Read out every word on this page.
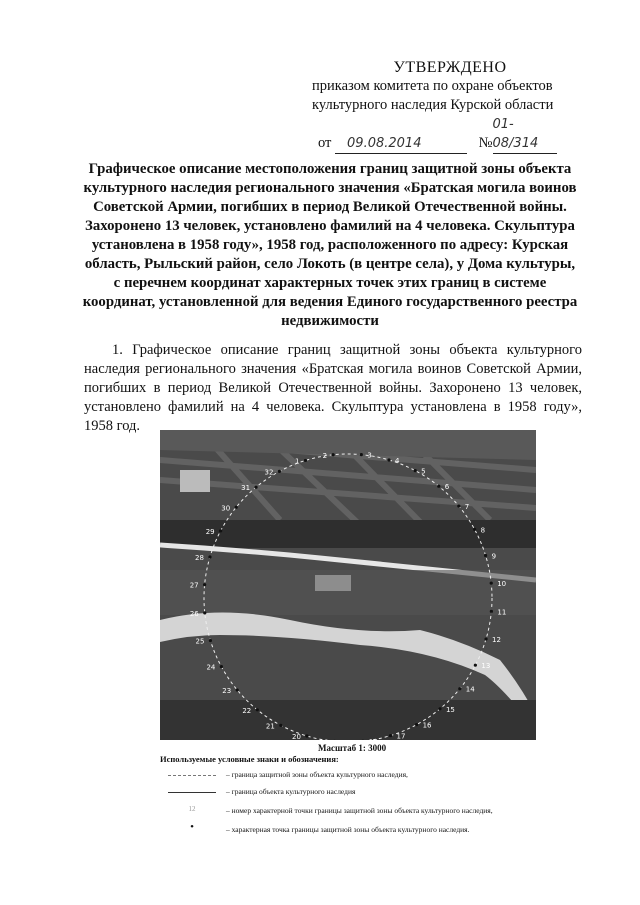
УТВЕРЖДЕНО
приказом комитета по охране объектов
культурного наследия Курской области
от 09.08.2014	№01-08/314
Графическое описание местоположения границ защитной зоны объекта культурного наследия регионального значения «Братская могила воинов Советской Армии, погибших в период Великой Отечественной войны. Захоронено 13 человек, установлено фамилий на 4 человека. Скульптура установлена в 1958 году», 1958 год, расположенного по адресу: Курская область, Рыльский район, село Локоть (в центре села), у Дома культуры, с перечнем координат характерных точек этих границ в системе координат, установленной для ведения Единого государственного реестра недвижимости
1. Графическое описание границ защитной зоны объекта культурного наследия регионального значения «Братская могила воинов Советской Армии, погибших в период Великой Отечественной войны. Захоронено 13 человек, установлено фамилий на 4 человека. Скульптура установлена в 1958 году», 1958 год.
1
2	3
4
5
6
7
8
9
10
11
12
13
14
15
16
17
20
21
22
23
24
25
26
27
28
29
30
31
32
Масштаб 1: 3000
Используемые условные знаки и обозначения:
– граница защитной зоны объекта культурного наследия,
– граница объекта культурного наследия
12	– номер характерной точки границы защитной зоны объекта культурного наследия,
•	– характерная точка границы защитной зоны объекта культурного наследия.
